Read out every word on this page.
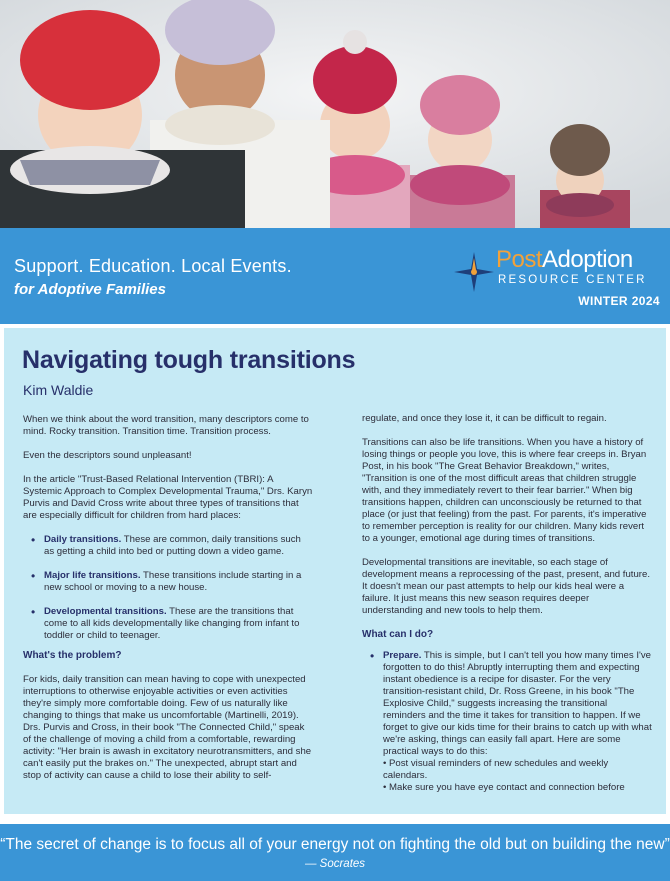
Support. Education. Local Events.
for Adoptive Families
PostAdoption
RESOURCE CENTER
WINTER 2024
Navigating tough transitions
Kim Waldie

When we think about the word transition, many descriptors come to mind. Rocky transition. Transition time. Transition process.

Even the descriptors sound unpleasant!

In the article "Trust-Based Relational Intervention (TBRI): A Systemic Approach to Complex Developmental Trauma," Drs. Karyn Purvis and David Cross write about three types of transitions that are especially difficult for children from hard places:

• Daily transitions. These are common, daily transitions such as getting a child into bed or putting down a video game.

• Major life transitions. These transitions include starting in a new school or moving to a new house.

• Developmental transitions. These are the transitions that come to all kids developmentally like changing from infant to toddler or child to teenager.

What's the problem?

For kids, daily transition can mean having to cope with unexpected interruptions to otherwise enjoyable activities or even activities they're simply more comfortable doing. Few of us naturally like changing to things that make us uncomfortable (Martinelli, 2019). Drs. Purvis and Cross, in their book "The Connected Child," speak of the challenge of moving a child from a comfortable, rewarding activity: "Her brain is awash in excitatory neurotransmitters, and she can't easily put the brakes on." The unexpected, abrupt start and stop of activity can cause a child to lose their ability to self-

regulate, and once they lose it, it can be difficult to regain.

Transitions can also be life transitions. When you have a history of losing things or people you love, this is where fear creeps in. Bryan Post, in his book "The Great Behavior Breakdown," writes, "Transition is one of the most difficult areas that children struggle with, and they immediately revert to their fear barrier." When big transitions happen, children can unconsciously be returned to that place (or just that feeling) from the past. For parents, it's imperative to remember perception is reality for our children. Many kids revert to a younger, emotional age during times of transitions.

Developmental transitions are inevitable, so each stage of development means a reprocessing of the past, present, and future. It doesn't mean our past attempts to help our kids heal were a failure. It just means this new season requires deeper understanding and new tools to help them.

What can I do?

• Prepare. This is simple, but I can't tell you how many times I've forgotten to do this! Abruptly interrupting them and expecting instant obedience is a recipe for disaster. For the very transition-resistant child, Dr. Ross Greene, in his book "The Explosive Child," suggests increasing the transitional reminders and the time it takes for transition to happen. If we forget to give our kids time for their brains to catch up with what we're asking, things can easily fall apart. Here are some practical ways to do this:

• Post visual reminders of new schedules and weekly calendars.

• Make sure you have eye contact and connection before

“The secret of change is to focus all of your energy not on fighting the old but on building the new”
— Socrates
